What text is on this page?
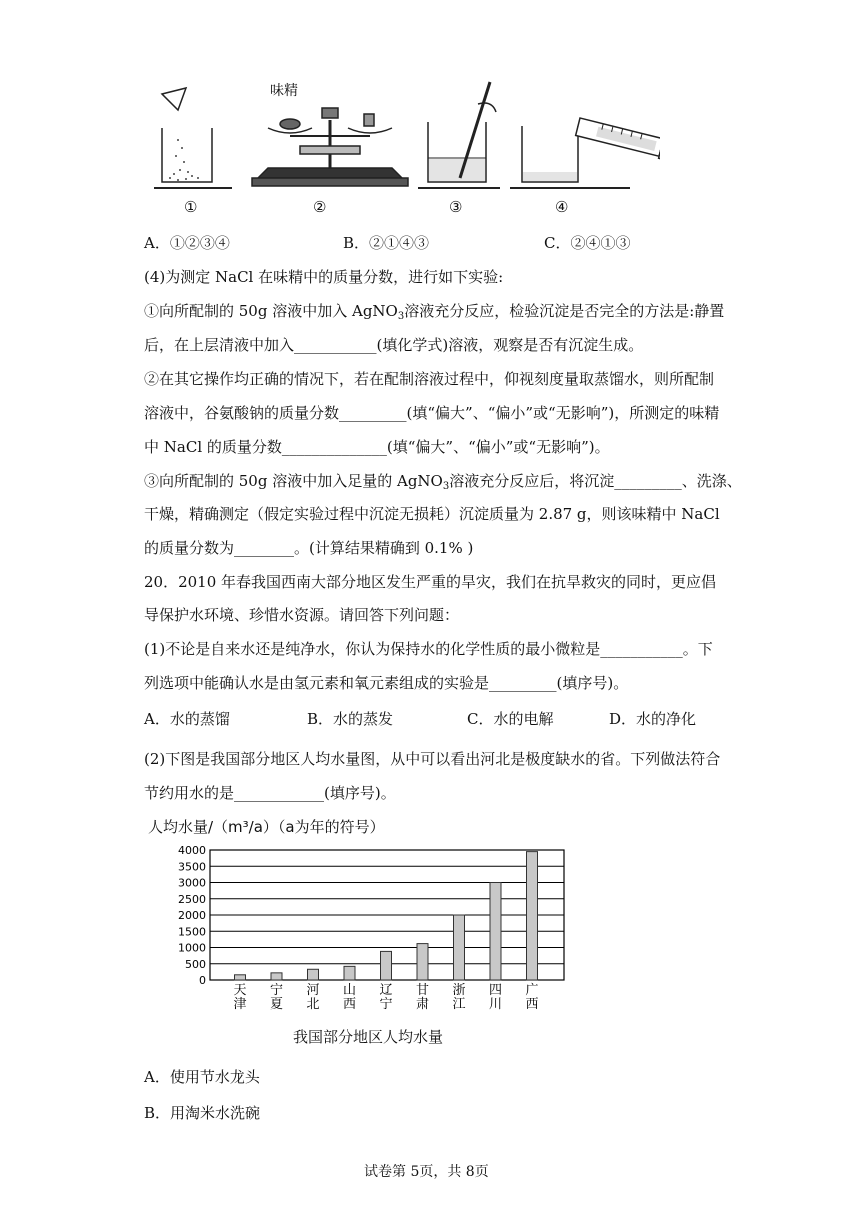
味精
①	②	③	④
A．①②③④	B．②①④③	C．②④①③
(4)为测定 NaCl 在味精中的质量分数，进行如下实验:
①向所配制的 50g 溶液中加入 AgNO$_3$溶液充分反应，检验沉淀是否完全的方法是:静置
后，在上层清液中加入___________(填化学式)溶液，观察是否有沉淀生成。
②在其它操作均正确的情况下，若在配制溶液过程中，仰视刻度量取蒸馏水，则所配制
溶液中，谷氨酸钠的质量分数_________(填“偏大”、“偏小”或“无影响”)，所测定的味精
中 NaCl 的质量分数______________(填“偏大”、“偏小”或“无影响”)。
③向所配制的 50g 溶液中加入足量的 AgNO$_3$溶液充分反应后，将沉淀_________、洗涤、
干燥，精确测定（假定实验过程中沉淀无损耗）沉淀质量为 2.87 g，则该味精中 NaCl
的质量分数为________。(计算结果精确到 0.1% )
20．2010 年春我国西南大部分地区发生严重的旱灾，我们在抗旱救灾的同时，更应倡
导保护水环境、珍惜水资源。请回答下列问题：
(1)不论是自来水还是纯净水，你认为保持水的化学性质的最小微粒是___________。下
列选项中能确认水是由氢元素和氧元素组成的实验是_________(填序号)。
A．水的蒸馏	B．水的蒸发	C．水的电解	D．水的净化
(2)下图是我国部分地区人均水量图，从中可以看出河北是极度缺水的省。下列做法符合
节约用水的是____________(填序号)。
人均水量/（m³/a）（a为年的符号）
0
500
1000
1500
2000
2500
3000
3500
4000
天
津
宁
夏
河
北
山
西
辽
宁
甘
肃
浙
江
四
川
广
西
我国部分地区人均水量
A．使用节水龙头
B．用淘米水洗碗
试卷第 5页，共 8页
